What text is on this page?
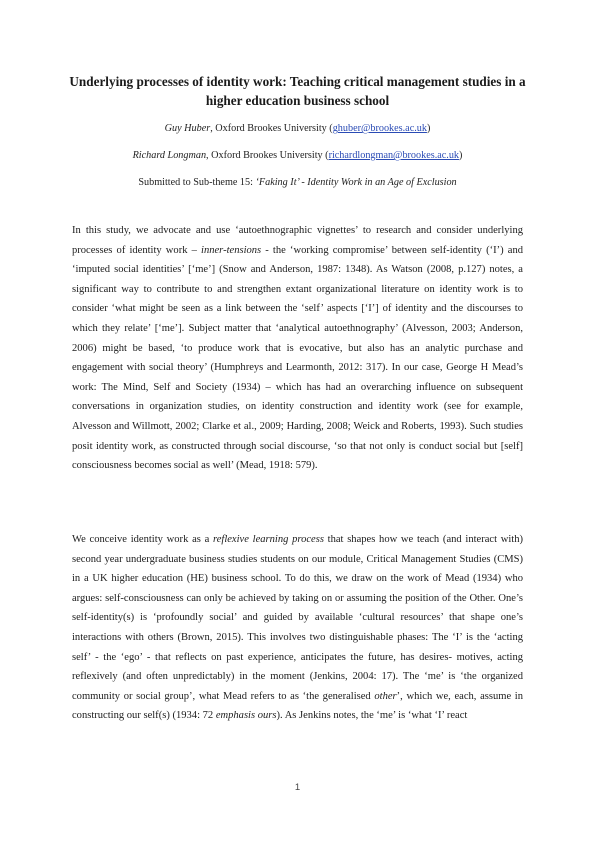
Underlying processes of identity work: Teaching critical management studies in a higher education business school
Guy Huber, Oxford Brookes University (ghuber@brookes.ac.uk)
Richard Longman, Oxford Brookes University (richardlongman@brookes.ac.uk)
Submitted to Sub-theme 15: ‘Faking It’ - Identity Work in an Age of Exclusion
In this study, we advocate and use ‘autoethnographic vignettes’ to research and consider underlying processes of identity work – inner-tensions - the ‘working compromise’ between self-identity (‘I’) and ‘imputed social identities’ [‘me’] (Snow and Anderson, 1987: 1348). As Watson (2008, p.127) notes, a significant way to contribute to and strengthen extant organizational literature on identity work is to consider ‘what might be seen as a link between the ‘self’ aspects [‘I’] of identity and the discourses to which they relate’ [‘me’]. Subject matter that ‘analytical autoethnography’ (Alvesson, 2003; Anderson, 2006) might be based, ‘to produce work that is evocative, but also has an analytic purchase and engagement with social theory’ (Humphreys and Learmonth, 2012: 317). In our case, George H Mead’s work: The Mind, Self and Society (1934) – which has had an overarching influence on subsequent conversations in organization studies, on identity construction and identity work (see for example, Alvesson and Willmott, 2002; Clarke et al., 2009; Harding, 2008; Weick and Roberts, 1993). Such studies posit identity work, as constructed through social discourse, ‘so that not only is conduct social but [self] consciousness becomes social as well’ (Mead, 1918: 579).
We conceive identity work as a reflexive learning process that shapes how we teach (and interact with) second year undergraduate business studies students on our module, Critical Management Studies (CMS) in a UK higher education (HE) business school. To do this, we draw on the work of Mead (1934) who argues: self-consciousness can only be achieved by taking on or assuming the position of the Other. One’s self-identity(s) is ‘profoundly social’ and guided by available ‘cultural resources’ that shape one’s interactions with others (Brown, 2015). This involves two distinguishable phases: The ‘I’ is the ‘acting self’ - the ‘ego’ - that reflects on past experience, anticipates the future, has desires- motives, acting reflexively (and often unpredictably) in the moment (Jenkins, 2004: 17). The ‘me’ is ‘the organized community or social group’, what Mead refers to as ‘the generalised other’, which we, each, assume in constructing our self(s) (1934: 72 emphasis ours). As Jenkins notes, the ‘me’ is ‘what ‘I’ react
1
